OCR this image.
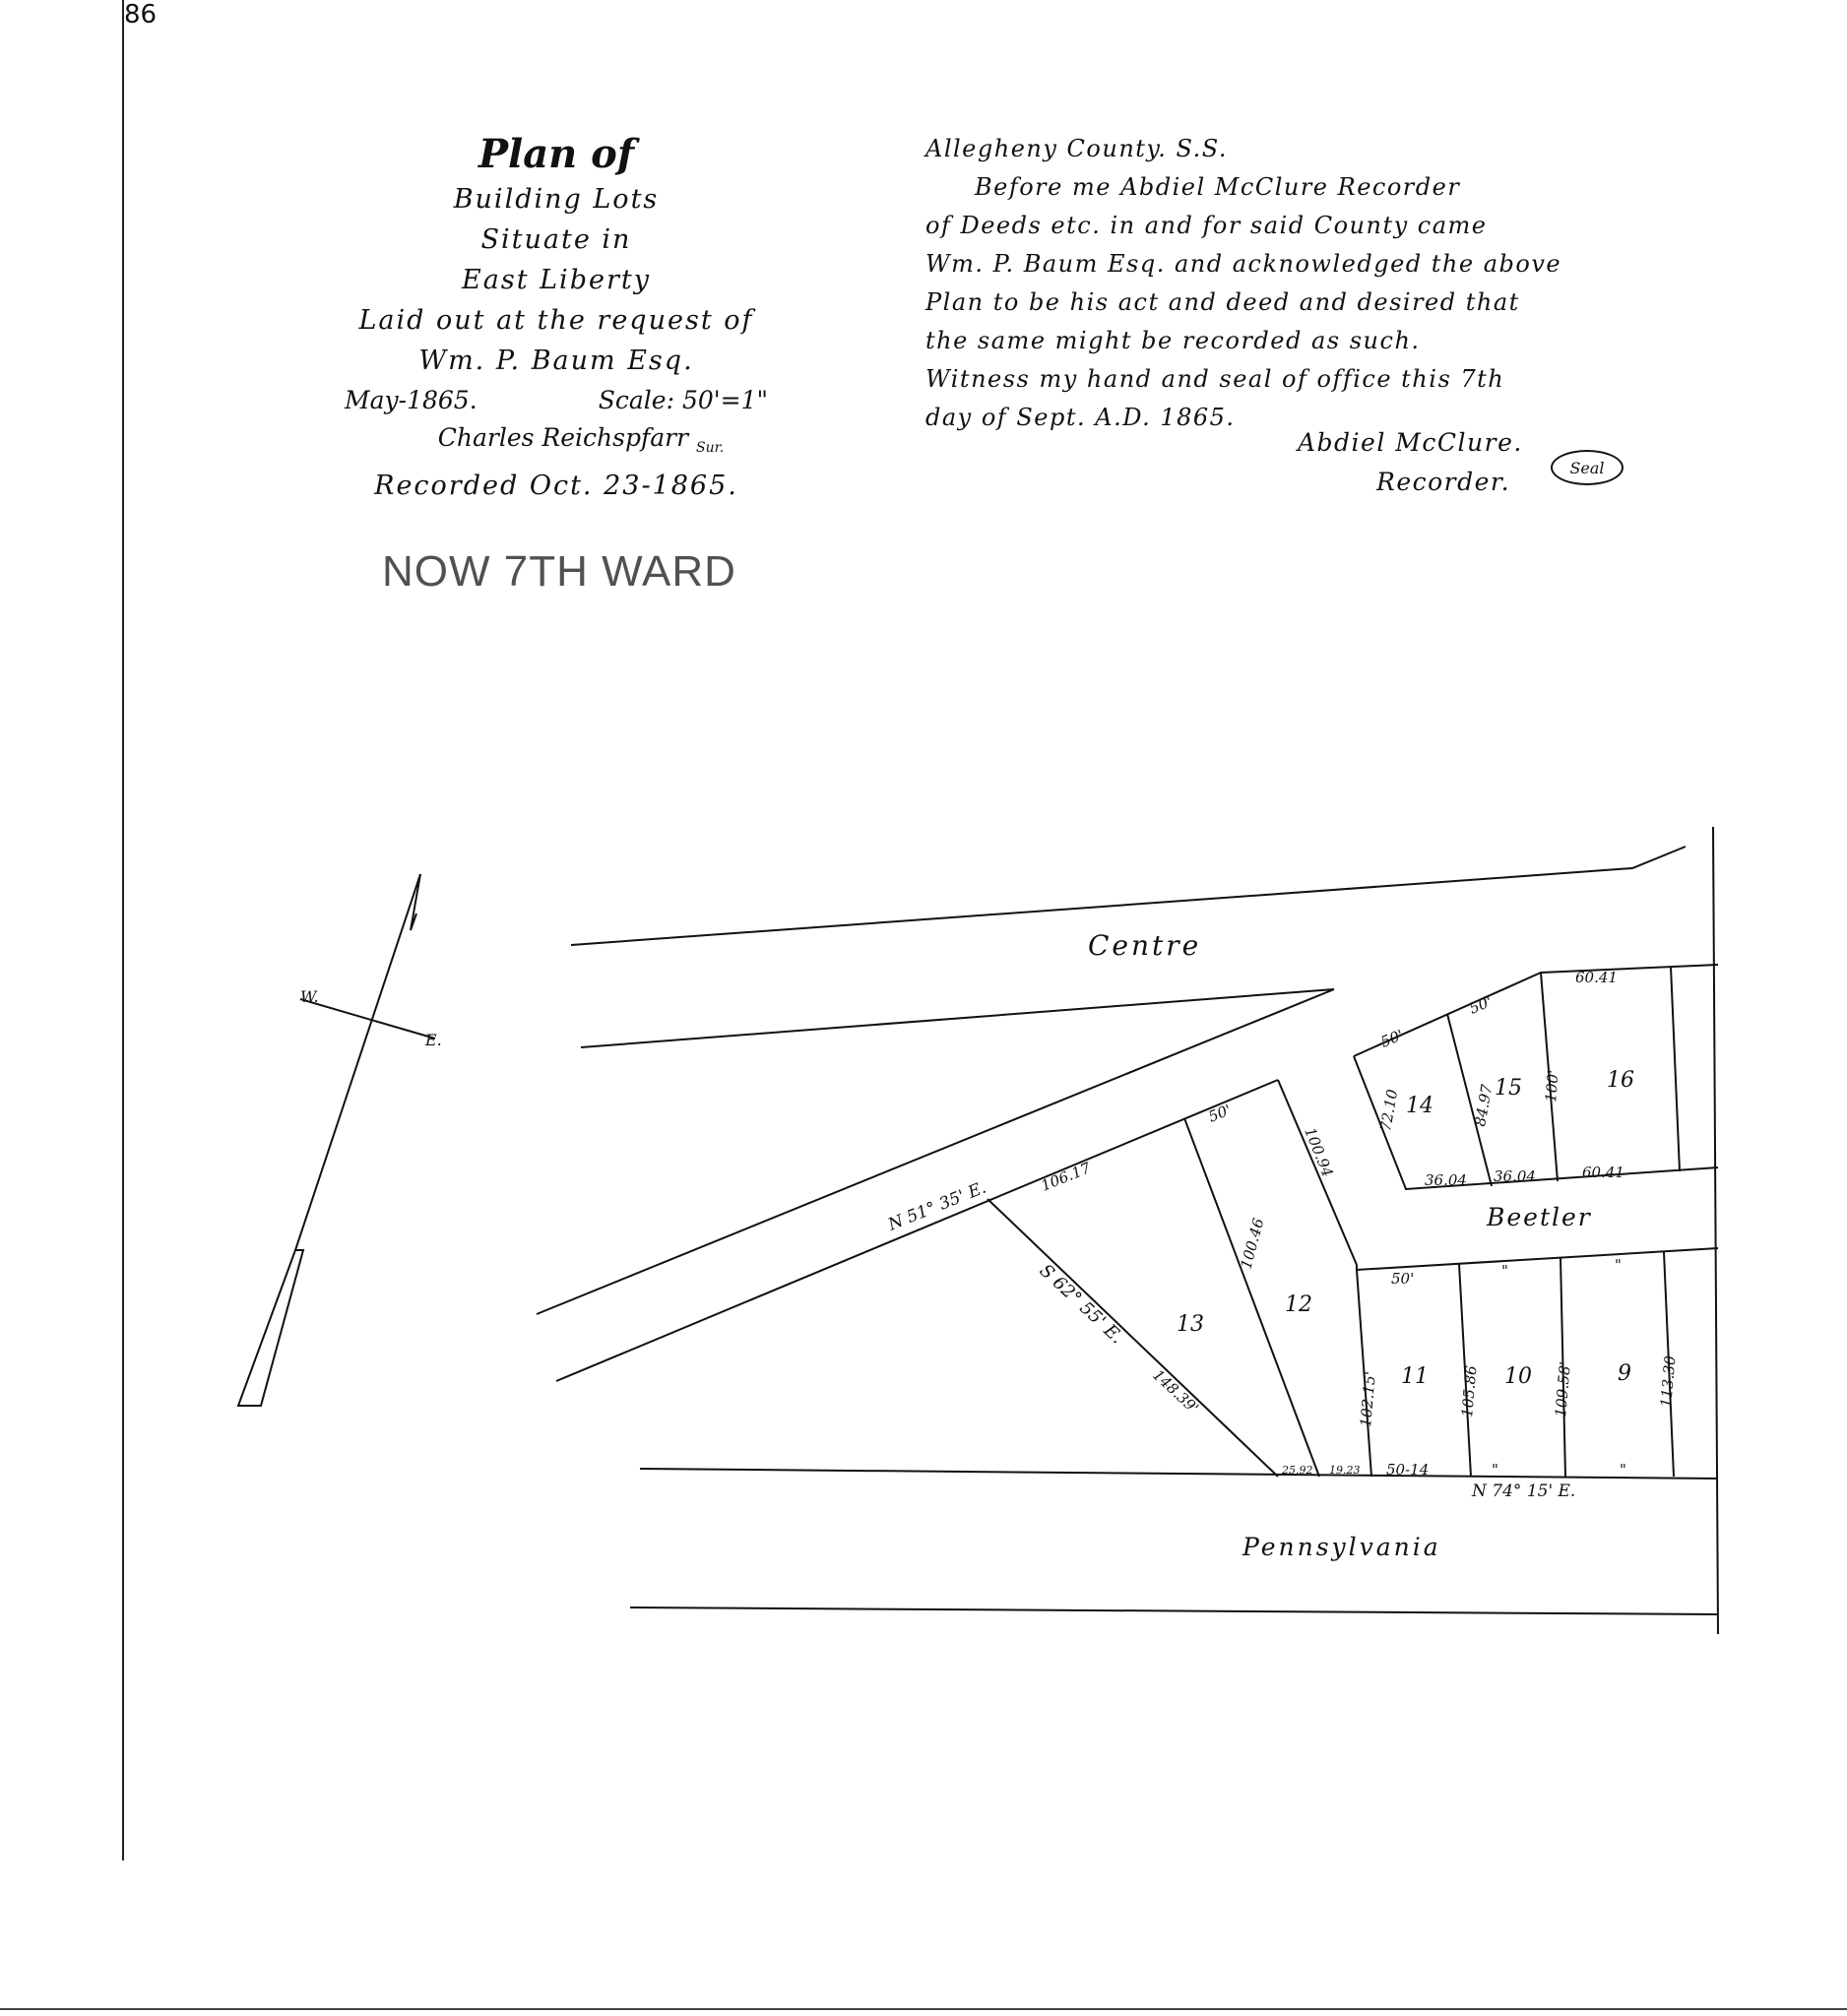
86
Plan of
Building Lots
Situate in
East Liberty
Laid out at the request of
Wm. P. Baum Esq.
May-1865.	Scale: 50'=1"
Charles Reichspfarr $_{Sur.}$
Recorded Oct. 23-1865.
NOW 7TH WARD
Allegheny County. S.S.
Before me Abdiel McClure Recorder
of Deeds etc. in and for said County came
Wm. P. Baum Esq. and acknowledged the above
Plan to be his act and deed and desired that
the same might be recorded as such.
Witness my hand and seal of office this 7th
day of Sept. A.D. 1865.
Abdiel McClure.
Recorder.	Seal
W.
E.
Centre
Beetler
Pennsylvania
14
15	16
12
13
11	10	9
50'
50'
60.41
72.10	84.97	100'
36.04 36.04	60.41
50'
100.94
100.46
N 51° 35' E.
106.17
S 62° 55' E.
148.39'
50'	"	"
102.15'	105.86	109.58'	113.30
25.92 19.23 50-14	"	"
N 74° 15' E.
